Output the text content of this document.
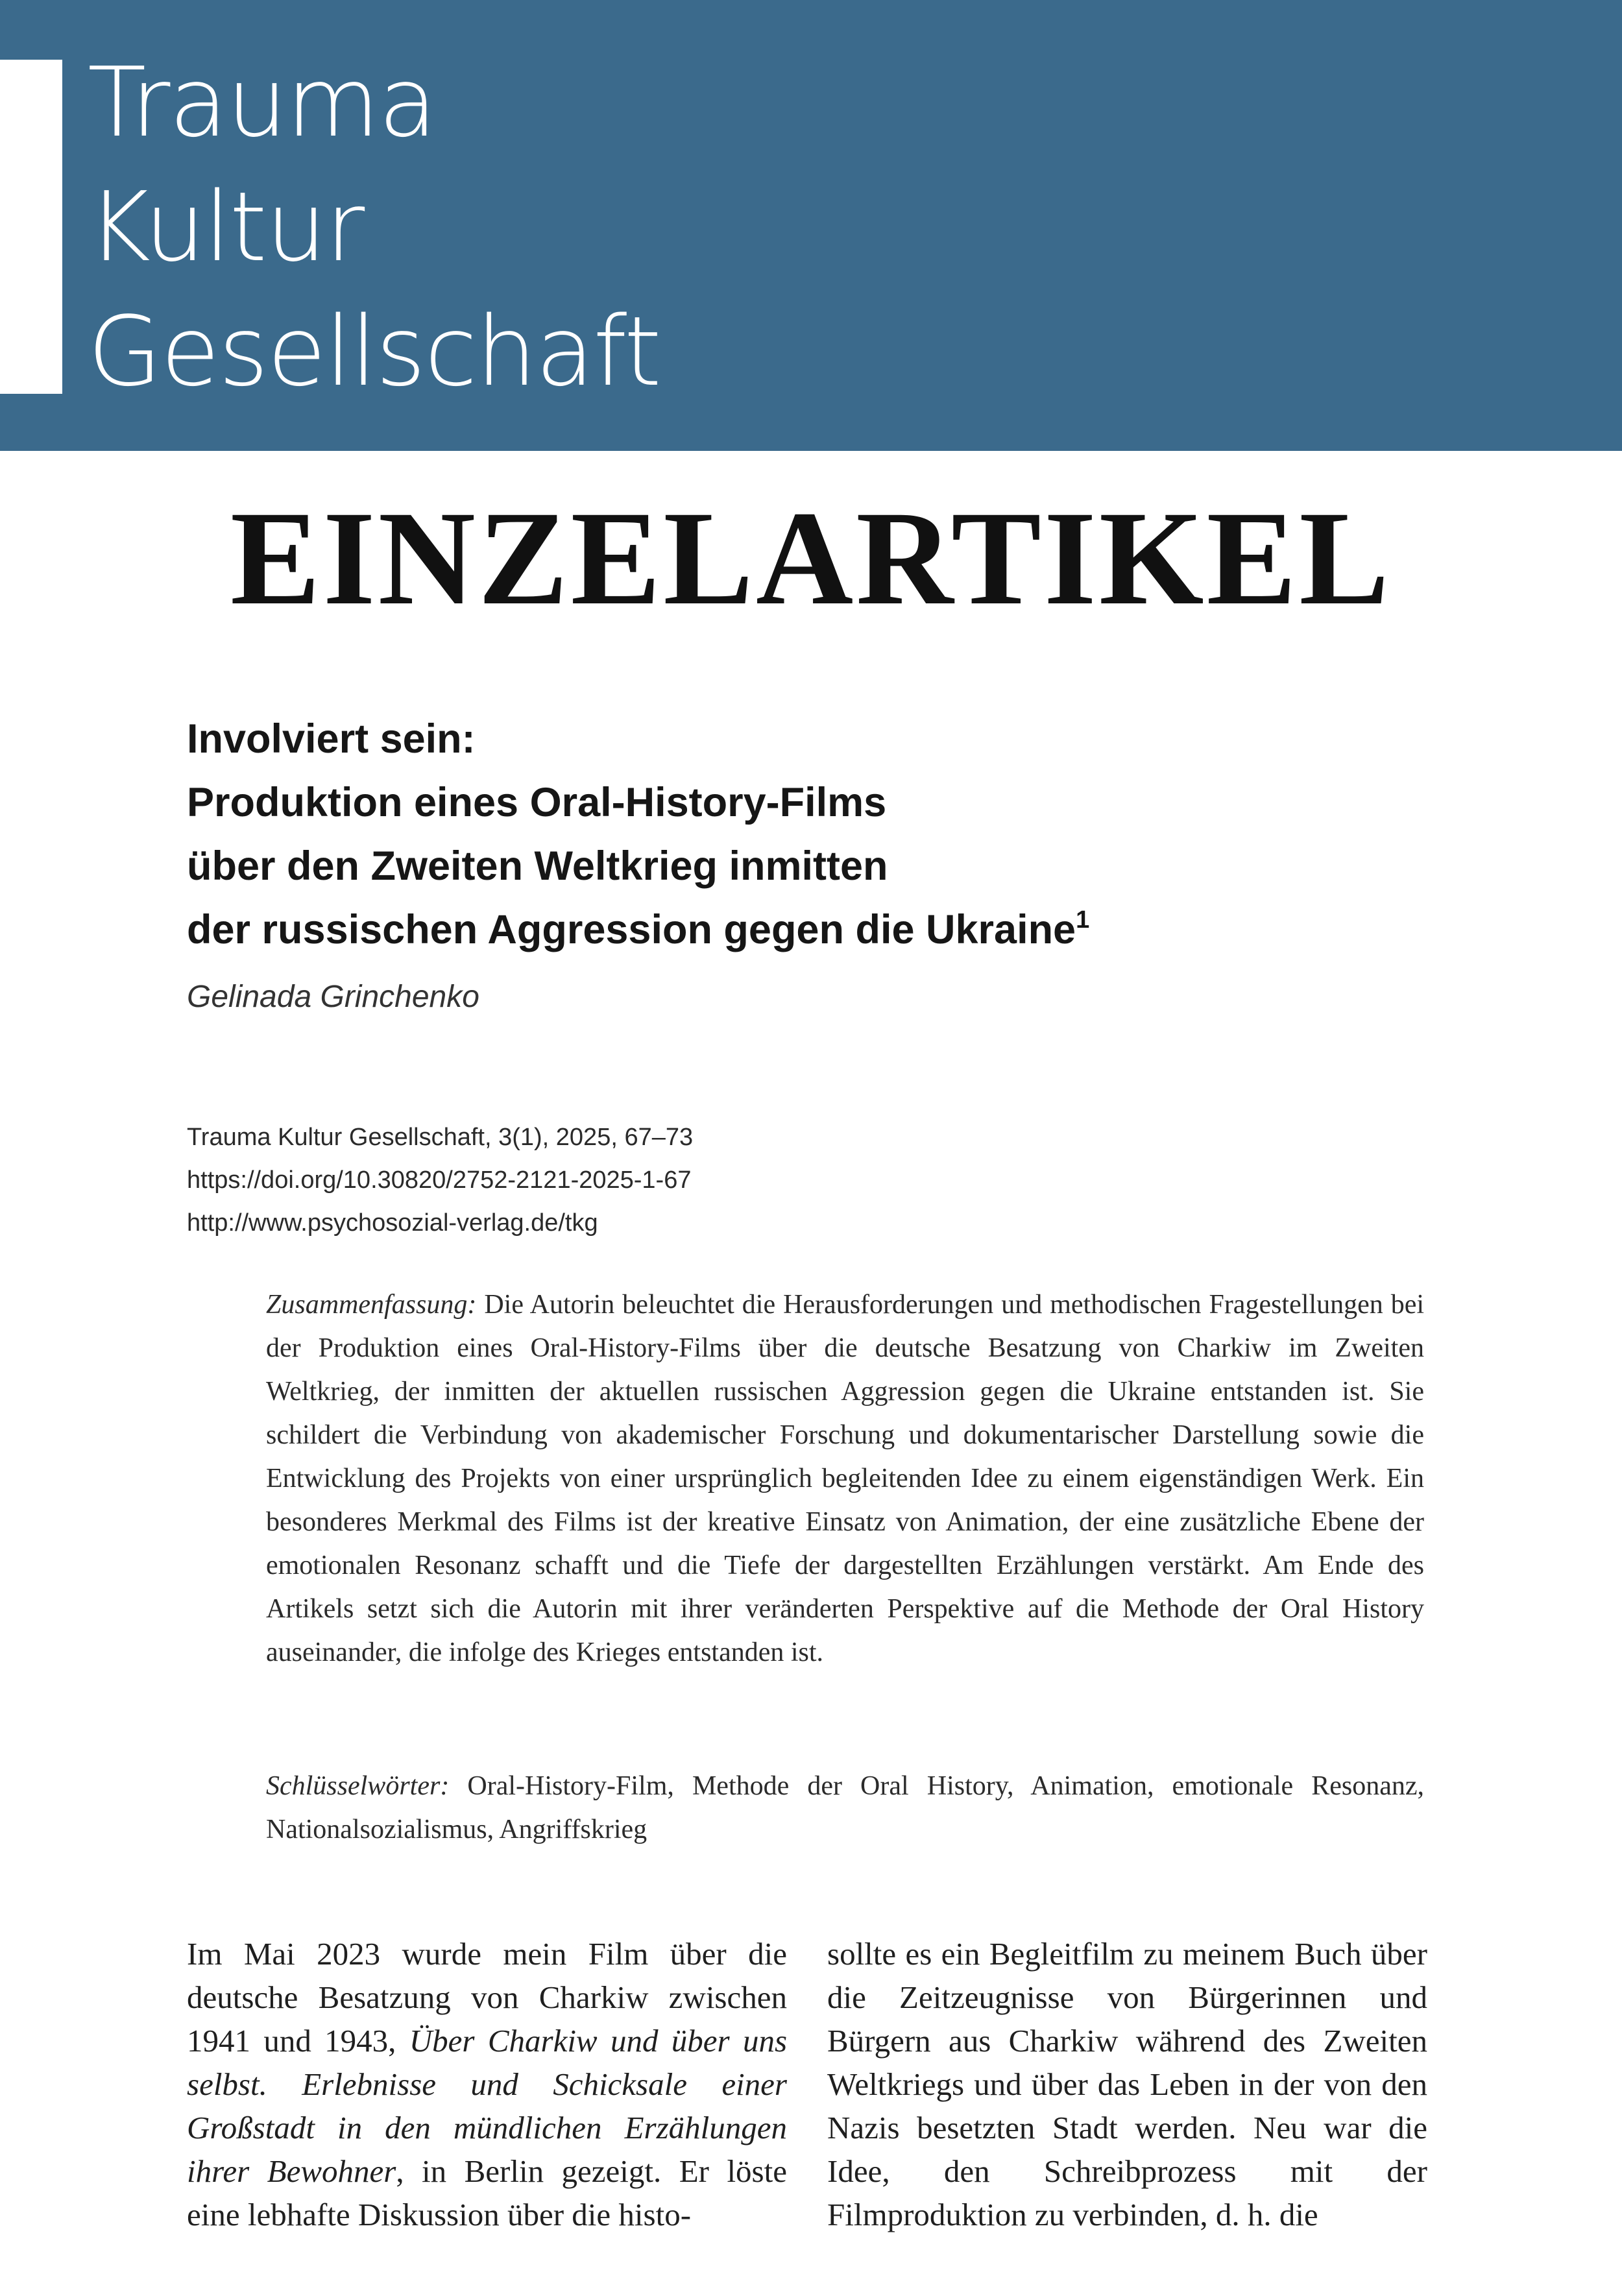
Trauma
Kultur
Gesellschaft
EINZELARTIKEL
Involviert sein:
Produktion eines Oral-History-Films
über den Zweiten Weltkrieg inmitten
der russischen Aggression gegen die Ukraine$^1$

Gelinada Grinchenko

Trauma Kultur Gesellschaft, 3(1), 2025, 67–73
https://doi.org/10.30820/2752-2121-2025-1-67
http://www.psychosozial-verlag.de/tkg

Zusammenfassung: Die Autorin beleuchtet die Herausforderungen und methodischen Fragestellungen bei der Produktion eines Oral-History-Films über die deutsche Besatzung von Charkiw im Zweiten Weltkrieg, der inmitten der aktuellen russischen Aggression gegen die Ukraine entstanden ist. Sie schildert die Verbindung von akademischer Forschung und dokumentarischer Darstellung sowie die Entwicklung des Projekts von einer ursprünglich begleitenden Idee zu einem eigenständigen Werk. Ein besonderes Merkmal des Films ist der kreative Einsatz von Animation, der eine zusätzliche Ebene der emotionalen Resonanz schafft und die Tiefe der dargestellten Erzählungen verstärkt. Am Ende des Artikels setzt sich die Autorin mit ihrer veränderten Perspektive auf die Methode der Oral History auseinander, die infolge des Krieges entstanden ist.

Schlüsselwörter: Oral-History-Film, Methode der Oral History, Animation, emotionale Resonanz, Nationalsozialismus, Angriffskrieg

Im Mai 2023 wurde mein Film über die deutsche Besatzung von Charkiw zwischen 1941 und 1943, Über Charkiw und über uns selbst. Erlebnisse und Schicksale einer Großstadt in den mündlichen Erzählungen ihrer Bewohner, in Berlin gezeigt. Er löste eine lebhafte Diskussion über die histo-

sollte es ein Begleitfilm zu meinem Buch über die Zeitzeugnisse von Bürgerinnen und Bürgern aus Charkiw während des Zweiten Weltkriegs und über das Leben in der von den Nazis besetzten Stadt werden. Neu war die Idee, den Schreibprozess mit der Filmproduktion zu verbinden, d. h. die
